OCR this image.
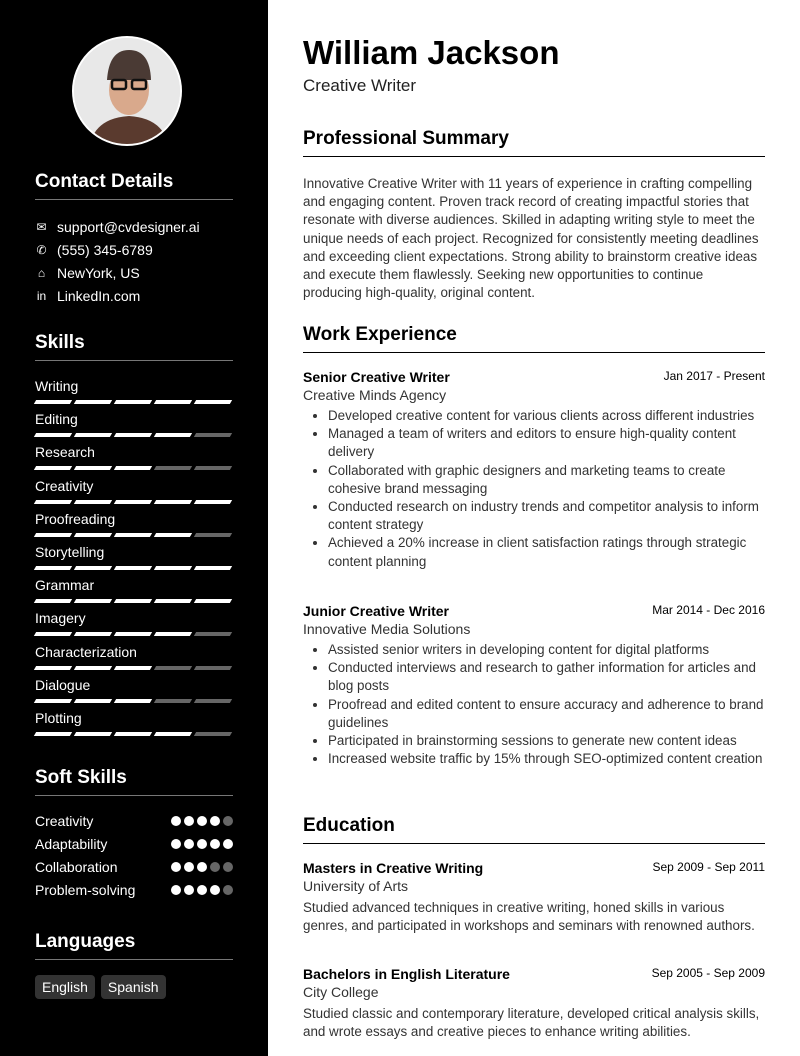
Contact Details
✉ support@cvdesigner.ai
✆ (555) 345-6789
⌂ NewYork, US
in LinkedIn.com
Skills
Writing
Editing
Research
Creativity
Proofreading
Storytelling
Grammar
Imagery
Characterization
Dialogue
Plotting
Soft Skills
Creativity
Adaptability
Collaboration
Problem-solving
Languages
English	Spanish
William Jackson
Creative Writer
Professional Summary
Innovative Creative Writer with 11 years of experience in crafting compelling and engaging content. Proven track record of creating impactful stories that resonate with diverse audiences. Skilled in adapting writing style to meet the unique needs of each project. Recognized for consistently meeting deadlines and exceeding client expectations. Strong ability to brainstorm creative ideas and execute them flawlessly. Seeking new opportunities to continue producing high-quality, original content.
Work Experience
Senior Creative Writer	Jan 2017 - Present
Creative Minds Agency
• Developed creative content for various clients across different industries
• Managed a team of writers and editors to ensure high-quality content delivery
• Collaborated with graphic designers and marketing teams to create cohesive brand messaging
• Conducted research on industry trends and competitor analysis to inform content strategy
• Achieved a 20% increase in client satisfaction ratings through strategic content planning
Junior Creative Writer	Mar 2014 - Dec 2016
Innovative Media Solutions
• Assisted senior writers in developing content for digital platforms
• Conducted interviews and research to gather information for articles and blog posts
• Proofread and edited content to ensure accuracy and adherence to brand guidelines
• Participated in brainstorming sessions to generate new content ideas
• Increased website traffic by 15% through SEO-optimized content creation
Education
Masters in Creative Writing	Sep 2009 - Sep 2011
University of Arts
Studied advanced techniques in creative writing, honed skills in various genres, and participated in workshops and seminars with renowned authors.
Bachelors in English Literature	Sep 2005 - Sep 2009
City College
Studied classic and contemporary literature, developed critical analysis skills, and wrote essays and creative pieces to enhance writing abilities.
